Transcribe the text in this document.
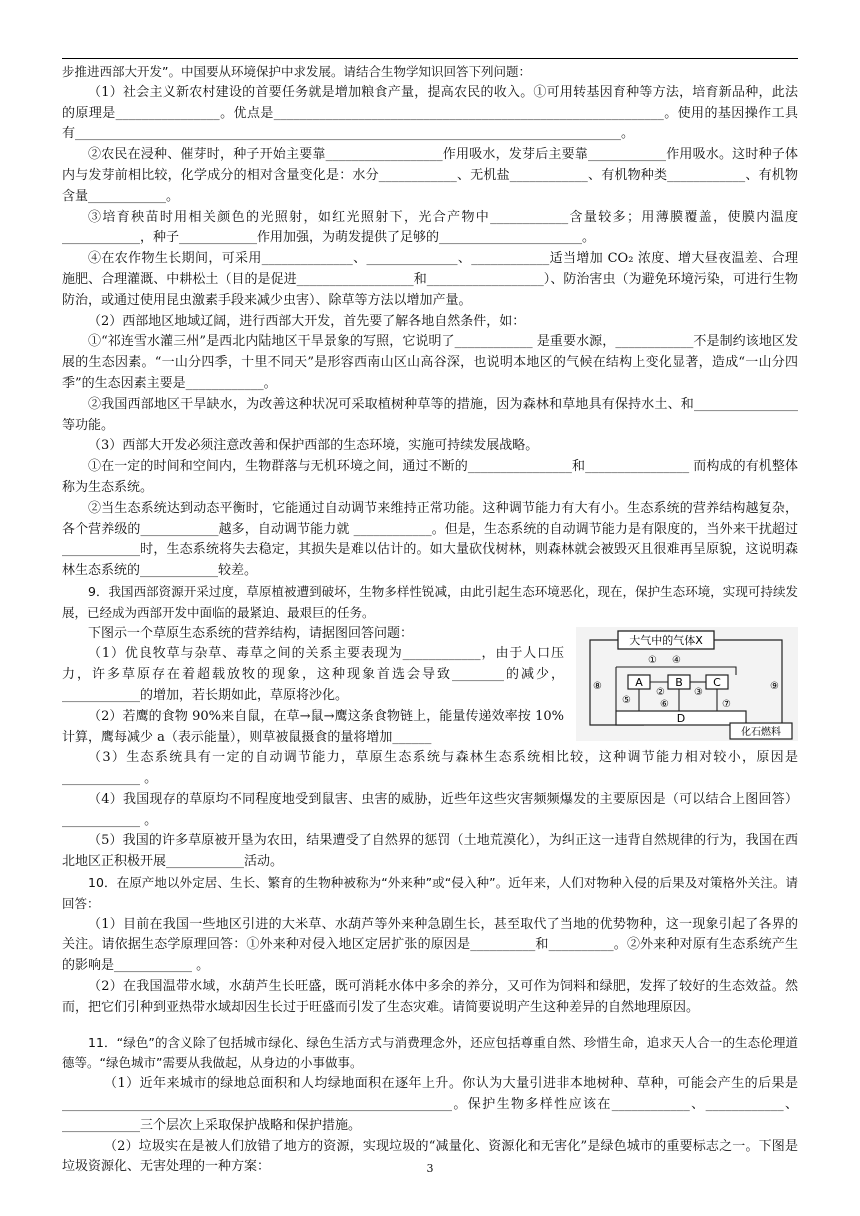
步推进西部大开发”。中国要从环境保护中求发展。请结合生物学知识回答下列问题：

（1）社会主义新农村建设的首要任务就是增加粮食产量，提高农民的收入。①可用转基因育种等方法，培育新品种，此法的原理是________________。优点是____________________________________________________________。使用的基因操作工具有____________________________________________________________________________________。

②农民在浸种、催芽时，种子开始主要靠__________________作用吸水，发芽后主要靠____________作用吸水。这时种子体内与发芽前相比较，化学成分的相对含量变化是：水分____________、无机盐____________、有机物种类____________、有机物含量____________。

③培育秧苗时用相关颜色的光照射，如红光照射下，光合产物中____________含量较多；用薄膜覆盖，使膜内温度____________，种子____________作用加强，为萌发提供了足够的______________________。

④在农作物生长期间，可采用______________、______________、____________适当增加 CO₂ 浓度、增大昼夜温差、合理施肥、合理灌溉、中耕松土（目的是促进__________________和__________________）、防治害虫（为避免环境污染，可进行生物防治，或通过使用昆虫激素手段来减少虫害）、除草等方法以增加产量。

（2）西部地区地域辽阔，进行西部大开发，首先要了解各地自然条件，如：

①“祁连雪水灌三州”是西北内陆地区干旱景象的写照，它说明了____________ 是重要水源，____________不是制约该地区发展的生态因素。“一山分四季，十里不同天”是形容西南山区山高谷深，也说明本地区的气候在结构上变化显著，造成“一山分四季”的生态因素主要是____________。

②我国西部地区干旱缺水，为改善这种状况可采取植树种草等的措施，因为森林和草地具有保持水土、和________________等功能。

（3）西部大开发必须注意改善和保护西部的生态环境，实施可持续发展战略。

①在一定的时间和空间内，生物群落与无机环境之间，通过不断的________________和________________ 而构成的有机整体称为生态系统。

②当生态系统达到动态平衡时，它能通过自动调节来维持正常功能。这种调节能力有大有小。生态系统的营养结构越复杂，各个营养级的____________越多，自动调节能力就 ____________。但是，生态系统的自动调节能力是有限度的，当外来干扰超过____________时，生态系统将失去稳定，其损失是难以估计的。如大量砍伐树林，则森林就会被毁灭且很难再呈原貌，这说明森林生态系统的____________较差。

9．我国西部资源开采过度，草原植被遭到破坏，生物多样性锐减，由此引起生态环境恶化，现在，保护生态环境，实现可持续发展，已经成为西部开发中面临的最紧迫、最艰巨的任务。

大气中的气体X
A	B	C
D
化石燃料
①
②	③
④
⑤	⑥	⑦
⑧	⑨

下图示一个草原生态系统的营养结构，请据图回答问题：

（1）优良牧草与杂草、毒草之间的关系主要表现为____________，由于人口压力，许多草原存在着超载放牧的现象，这种现象首选会导致________的减少， ____________的增加，若长期如此，草原将沙化。

（2）若鹰的食物 90%来自鼠，在草→鼠→鹰这条食物链上，能量传递效率按 10%计算，鹰每减少 a（表示能量），则草被鼠摄食的量将增加______

（3）生态系统具有一定的自动调节能力，草原生态系统与森林生态系统相比较，这种调节能力相对较小，原因是 ____________ 。

（4）我国现存的草原均不同程度地受到鼠害、虫害的威胁，近些年这些灾害频频爆发的主要原因是（可以结合上图回答）____________ 。

（5）我国的许多草原被开垦为农田，结果遭受了自然界的惩罚（土地荒漠化），为纠正这一违背自然规律的行为，我国在西北地区正积极开展____________活动。

10．在原产地以外定居、生长、繁育的生物种被称为“外来种”或“侵入种”。近年来，人们对物种入侵的后果及对策格外关注。请回答：

（1）目前在我国一些地区引进的大米草、水葫芦等外来种急剧生长，甚至取代了当地的优势物种，这一现象引起了各界的关注。请依据生态学原理回答：①外来种对侵入地区定居扩张的原因是__________和__________。②外来种对原有生态系统产生的影响是____________ 。

（2）在我国温带水域，水葫芦生长旺盛，既可消耗水体中多余的养分，又可作为饲料和绿肥，发挥了较好的生态效益。然而，把它们引种到亚热带水域却因生长过于旺盛而引发了生态灾难。请简要说明产生这种差异的自然地理原因。

11．“绿色”的含义除了包括城市绿化、绿色生活方式与消费理念外，还应包括尊重自然、珍惜生命，追求天人合一的生态伦理道德等。“绿色城市”需要从我做起，从身边的小事做事。

（1）近年来城市的绿地总面积和人均绿地面积在逐年上升。你认为大量引进非本地树种、草种，可能会产生的后果是____________________________________________________________。保护生物多样性应该在____________、____________、____________三个层次上采取保护战略和保护措施。

（2）垃圾实在是被人们放错了地方的资源，实现垃圾的“减量化、资源化和无害化”是绿色城市的重要标志之一。下图是垃圾资源化、无害处理的一种方案：	3
